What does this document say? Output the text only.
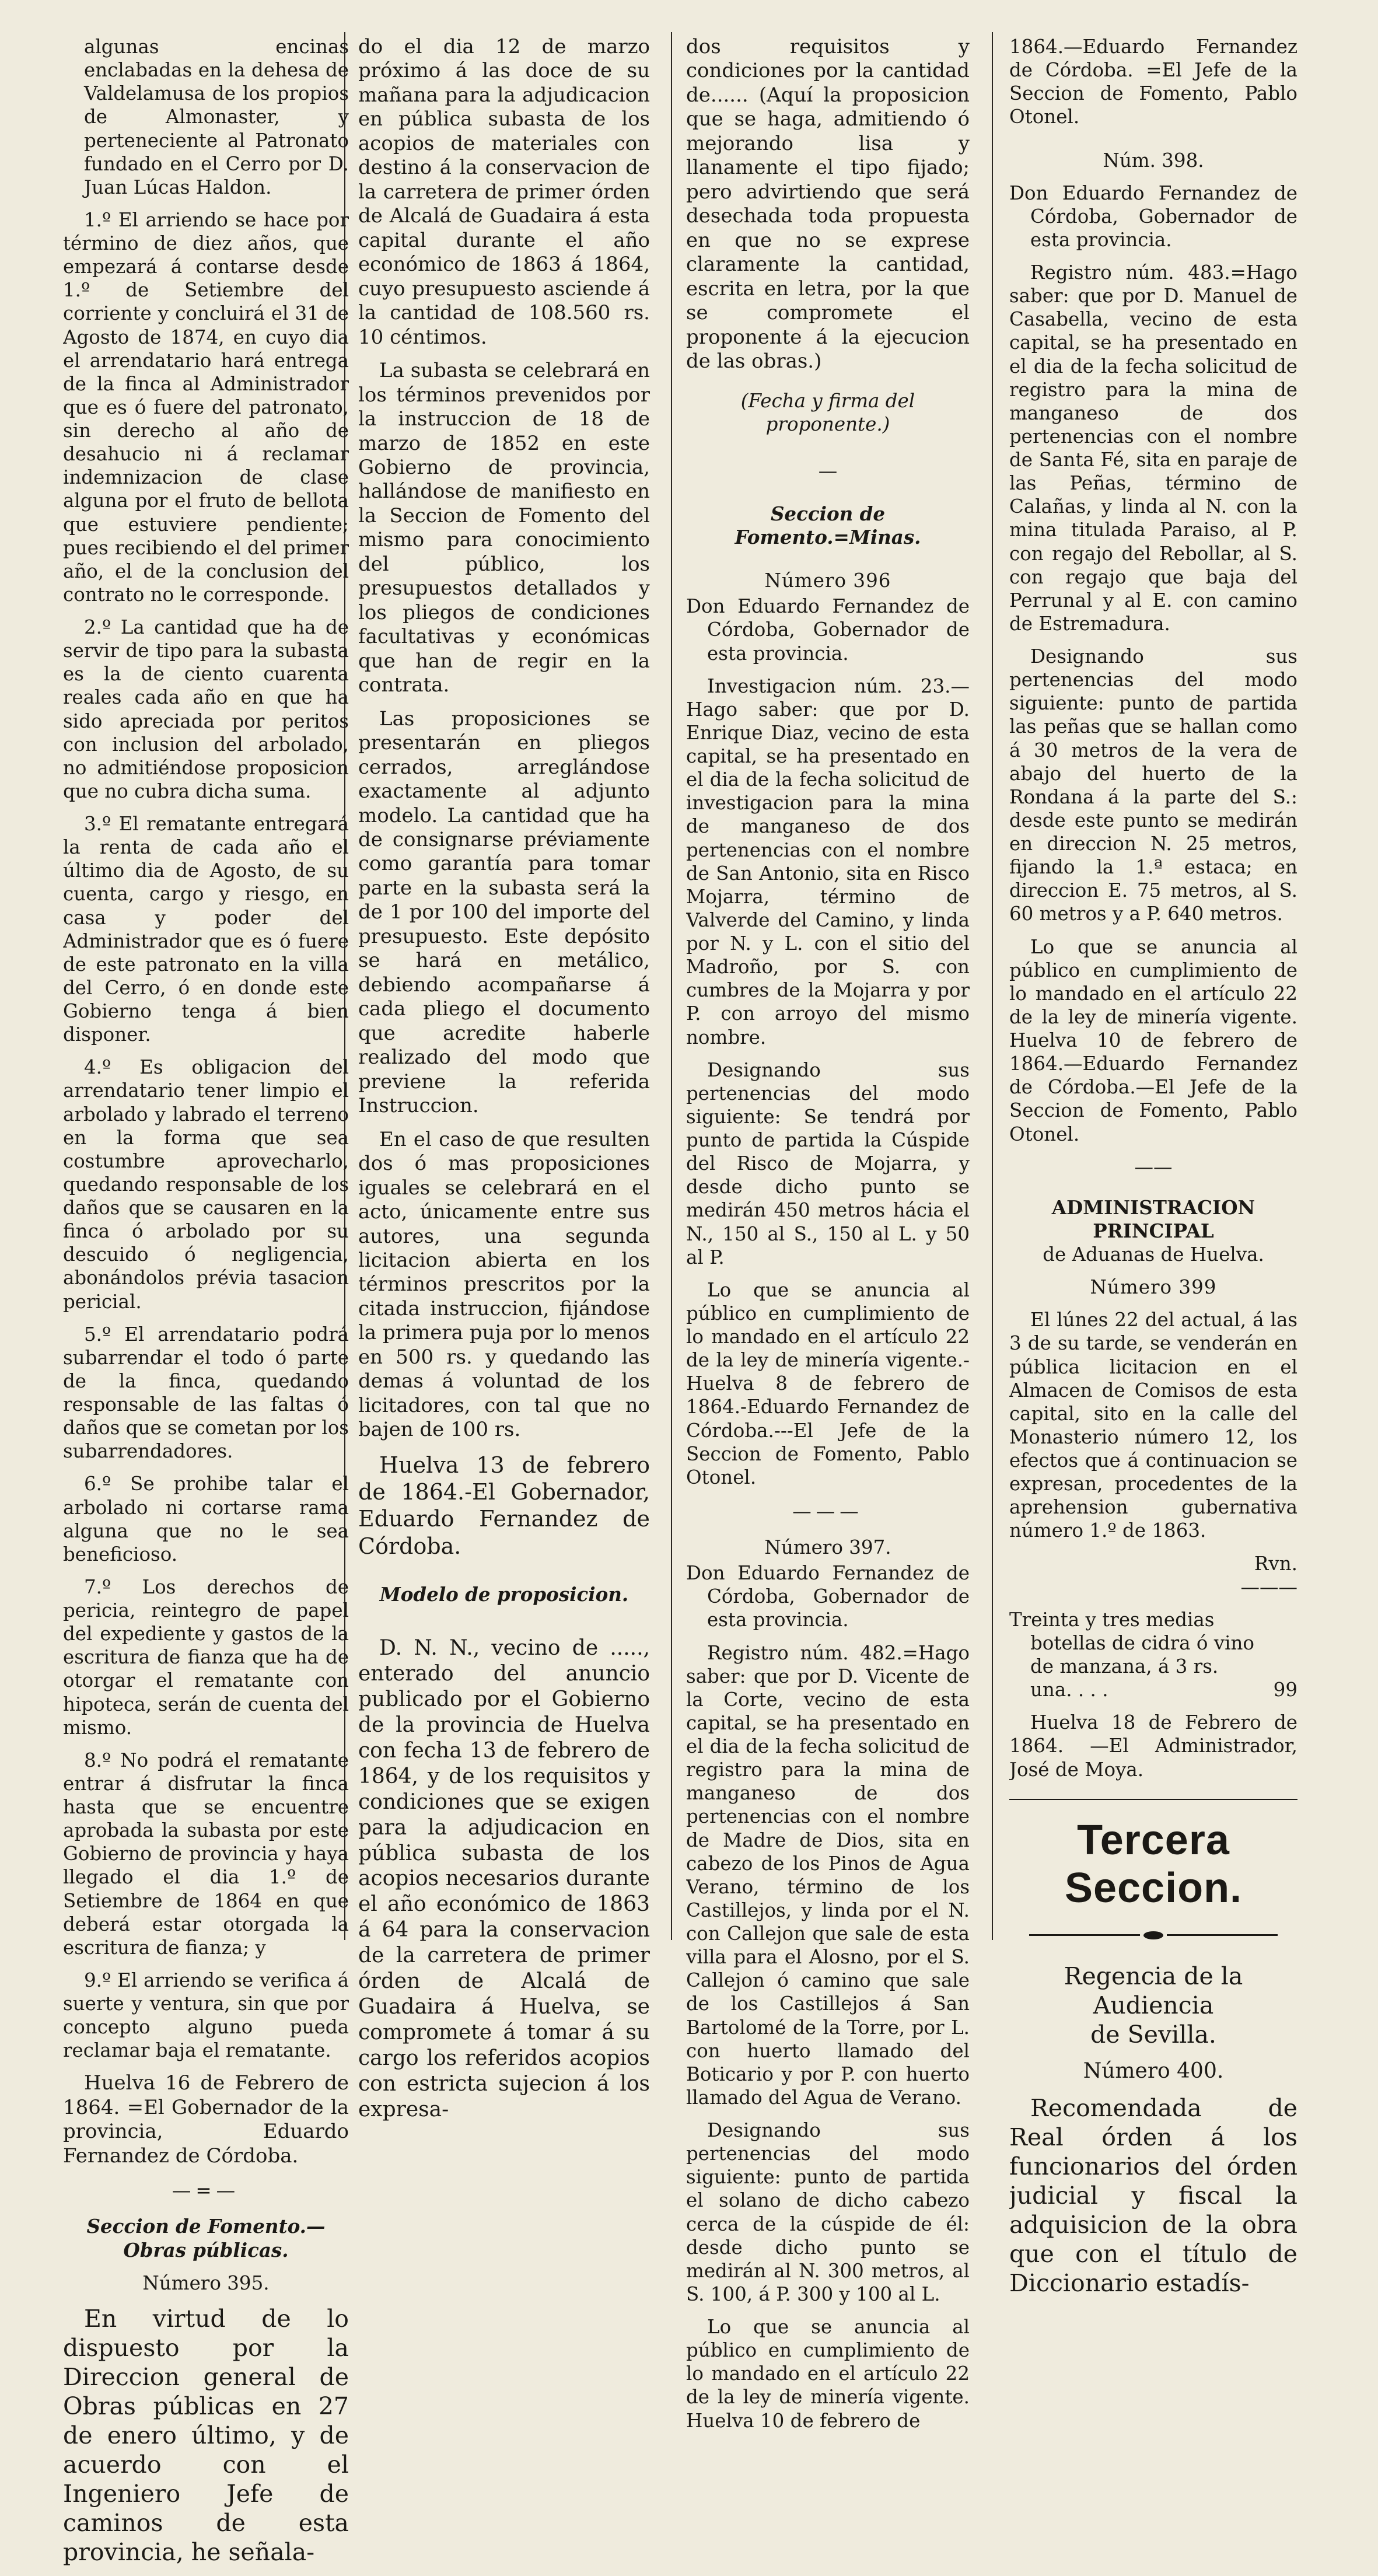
algunas encinas enclabadas en la dehesa de Valdelamusa de los propios de Almonaster, y perteneciente al Patronato fundado en el Cerro por D. Juan Lúcas Haldon.

1.º El arriendo se hace por término de diez años, que empezará á contarse desde 1.º de Setiembre del corriente y concluirá el 31 de Agosto de 1874, en cuyo dia el arrendatario hará entrega de la finca al Administrador que es ó fuere del patronato, sin derecho al año de desahucio ni á reclamar indemnizacion de clase alguna por el fruto de bellota que estuviere pendiente; pues recibiendo el del primer año, el de la conclusion del contrato no le corresponde.

2.º La cantidad que ha de servir de tipo para la subasta es la de ciento cuarenta reales cada año en que ha sido apreciada por peritos con inclusion del arbolado, no admitiéndose proposicion que no cubra dicha suma.

3.º El rematante entregará la renta de cada año el último dia de Agosto, de su cuenta, cargo y riesgo, en casa y poder del Administrador que es ó fuere de este patronato en la villa del Cerro, ó en donde este Gobierno tenga á bien disponer.

4.º Es obligacion del arrendatario tener limpio el arbolado y labrado el terreno en la forma que sea costumbre aprovecharlo, quedando responsable de los daños que se causaren en la finca ó arbolado por su descuido ó negligencia, abonándolos prévia tasacion pericial.

5.º El arrendatario podrá subarrendar el todo ó parte de la finca, quedando responsable de las faltas ó daños que se cometan por los subarrendadores.

6.º Se prohibe talar el arbolado ni cortarse rama alguna que no le sea beneficioso.

7.º Los derechos de pericia, reintegro de papel del expediente y gastos de la escritura de fianza que ha de otorgar el rematante con hipoteca, serán de cuenta del mismo.

8.º No podrá el rematante entrar á disfrutar la finca hasta que se encuentre aprobada la subasta por este Gobierno de provincia y haya llegado el dia 1.º de Setiembre de 1864 en que deberá estar otorgada la escritura de fianza; y

9.º El arriendo se verifica á suerte y ventura, sin que por concepto alguno pueda reclamar baja el rematante.

Huelva 16 de Febrero de 1864. =El Gobernador de la provincia, Eduardo Fernandez de Córdoba.

—=—

Seccion de Fomento.—Obras públicas.

Número 395.

En virtud de lo dispuesto por la Direccion general de Obras públicas en 27 de enero último, y de acuerdo con el Ingeniero Jefe de caminos de esta provincia, he señala-

do el dia 12 de marzo próximo á las doce de su mañana para la adjudicacion en pública subasta de los acopios de materiales con destino á la conservacion de la carretera de primer órden de Alcalá de Guadaira á esta capital durante el año económico de 1863 á 1864, cuyo presupuesto asciende á la cantidad de 108.560 rs. 10 céntimos.

La subasta se celebrará en los términos prevenidos por la instruccion de 18 de marzo de 1852 en este Gobierno de provincia, hallándose de manifiesto en la Seccion de Fomento del mismo para conocimiento del público, los presupuestos detallados y los pliegos de condiciones facultativas y económicas que han de regir en la contrata.

Las proposiciones se presentarán en pliegos cerrados, arreglándose exactamente al adjunto modelo. La cantidad que ha de consignarse préviamente como garantía para tomar parte en la subasta será la de 1 por 100 del importe del presupuesto. Este depósito se hará en metálico, debiendo acompañarse á cada pliego el documento que acredite haberle realizado del modo que previene la referida Instruccion.

En el caso de que resulten dos ó mas proposiciones iguales se celebrará en el acto, únicamente entre sus autores, una segunda licitacion abierta en los términos prescritos por la citada instruccion, fijándose la primera puja por lo menos en 500 rs. y quedando las demas á voluntad de los licitadores, con tal que no bajen de 100 rs.

Huelva 13 de febrero de 1864.-El Gobernador, Eduardo Fernandez de Córdoba.

Modelo de proposicion.

D. N. N., vecino de ....., enterado del anuncio publicado por el Gobierno de la provincia de Huelva con fecha 13 de febrero de 1864, y de los requisitos y condiciones que se exigen para la adjudicacion en pública subasta de los acopios necesarios durante el año económico de 1863 á 64 para la conservacion de la carretera de primer órden de Alcalá de Guadaira á Huelva, se compromete á tomar á su cargo los referidos acopios con estricta sujecion á los expresa-

dos requisitos y condiciones por la cantidad de...... (Aquí la proposicion que se haga, admitiendo ó mejorando lisa y llanamente el tipo fijado; pero advirtiendo que será desechada toda propuesta en que no se exprese claramente la cantidad, escrita en letra, por la que se compromete el proponente á la ejecucion de las obras.)

(Fecha y firma del proponente.)

—

Seccion de Fomento.=Minas.

Número 396

Don Eduardo Fernandez de Córdoba, Gobernador de esta provincia.

Investigacion núm. 23.—Hago saber: que por D. Enrique Diaz, vecino de esta capital, se ha presentado en el dia de la fecha solicitud de investigacion para la mina de manganeso de dos pertenencias con el nombre de San Antonio, sita en Risco Mojarra, término de Valverde del Camino, y linda por N. y L. con el sitio del Madroño, por S. con cumbres de la Mojarra y por P. con arroyo del mismo nombre.

Designando sus pertenencias del modo siguiente: Se tendrá por punto de partida la Cúspide del Risco de Mojarra, y desde dicho punto se medirán 450 metros hácia el N., 150 al S., 150 al L. y 50 al P.

Lo que se anuncia al público en cumplimiento de lo mandado en el artículo 22 de la ley de minería vigente.-Huelva 8 de febrero de 1864.-Eduardo Fernandez de Córdoba.---El Jefe de la Seccion de Fomento, Pablo Otonel.

———

Número 397.

Don Eduardo Fernandez de Córdoba, Gobernador de esta provincia.

Registro núm. 482.=Hago saber: que por D. Vicente de la Corte, vecino de esta capital, se ha presentado en el dia de la fecha solicitud de registro para la mina de manganeso de dos pertenencias con el nombre de Madre de Dios, sita en cabezo de los Pinos de Agua Verano, término de los Castillejos, y linda por el N. con Callejon que sale de esta villa para el Alosno, por el S. Callejon ó camino que sale de los Castillejos á San Bartolomé de la Torre, por L. con huerto llamado del Boticario y por P. con huerto llamado del Agua de Verano.

Designando sus pertenencias del modo siguiente: punto de partida el solano de dicho cabezo cerca de la cúspide de él: desde dicho punto se medirán al N. 300 metros, al S. 100, á P. 300 y 100 al L.

Lo que se anuncia al público en cumplimiento de lo mandado en el artículo 22 de la ley de minería vigente. Huelva 10 de febrero de

1864.—Eduardo Fernandez de Córdoba. =El Jefe de la Seccion de Fomento, Pablo Otonel.

Núm. 398.

Don Eduardo Fernandez de Córdoba, Gobernador de esta provincia.

Registro núm. 483.=Hago saber: que por D. Manuel de Casabella, vecino de esta capital, se ha presentado en el dia de la fecha solicitud de registro para la mina de manganeso de dos pertenencias con el nombre de Santa Fé, sita en paraje de las Peñas, término de Calañas, y linda al N. con la mina titulada Paraiso, al P. con regajo del Rebollar, al S. con regajo que baja del Perrunal y al E. con camino de Estremadura.

Designando sus pertenencias del modo siguiente: punto de partida las peñas que se hallan como á 30 metros de la vera de abajo del huerto de la Rondana á la parte del S.: desde este punto se medirán en direccion N. 25 metros, fijando la 1.ª estaca; en direccion E. 75 metros, al S. 60 metros y a P. 640 metros.

Lo que se anuncia al público en cumplimiento de lo mandado en el artículo 22 de la ley de minería vigente. Huelva 10 de febrero de 1864.—Eduardo Fernandez de Córdoba.—El Jefe de la Seccion de Fomento, Pablo Otonel.

——

ADMINISTRACION PRINCIPAL

de Aduanas de Huelva.

Número 399

El lúnes 22 del actual, á las 3 de su tarde, se venderán en pública licitacion en el Almacen de Comisos de esta capital, sito en la calle del Monasterio número 12, los efectos que á continuacion se expresan, procedentes de la aprehension gubernativa número 1.º de 1863.

Rvn.

———

Treinta y tres medias botellas de cidra ó vino de manzana, á 3 rs. una. . . .	99

Huelva 18 de Febrero de 1864. —El Administrador, José de Moya.

Tercera Seccion.

Regencia de la Audiencia

de Sevilla.

Número 400.

Recomendada de Real órden á los funcionarios del órden judicial y fiscal la adquisicion de la obra que con el título de Diccionario estadís-
